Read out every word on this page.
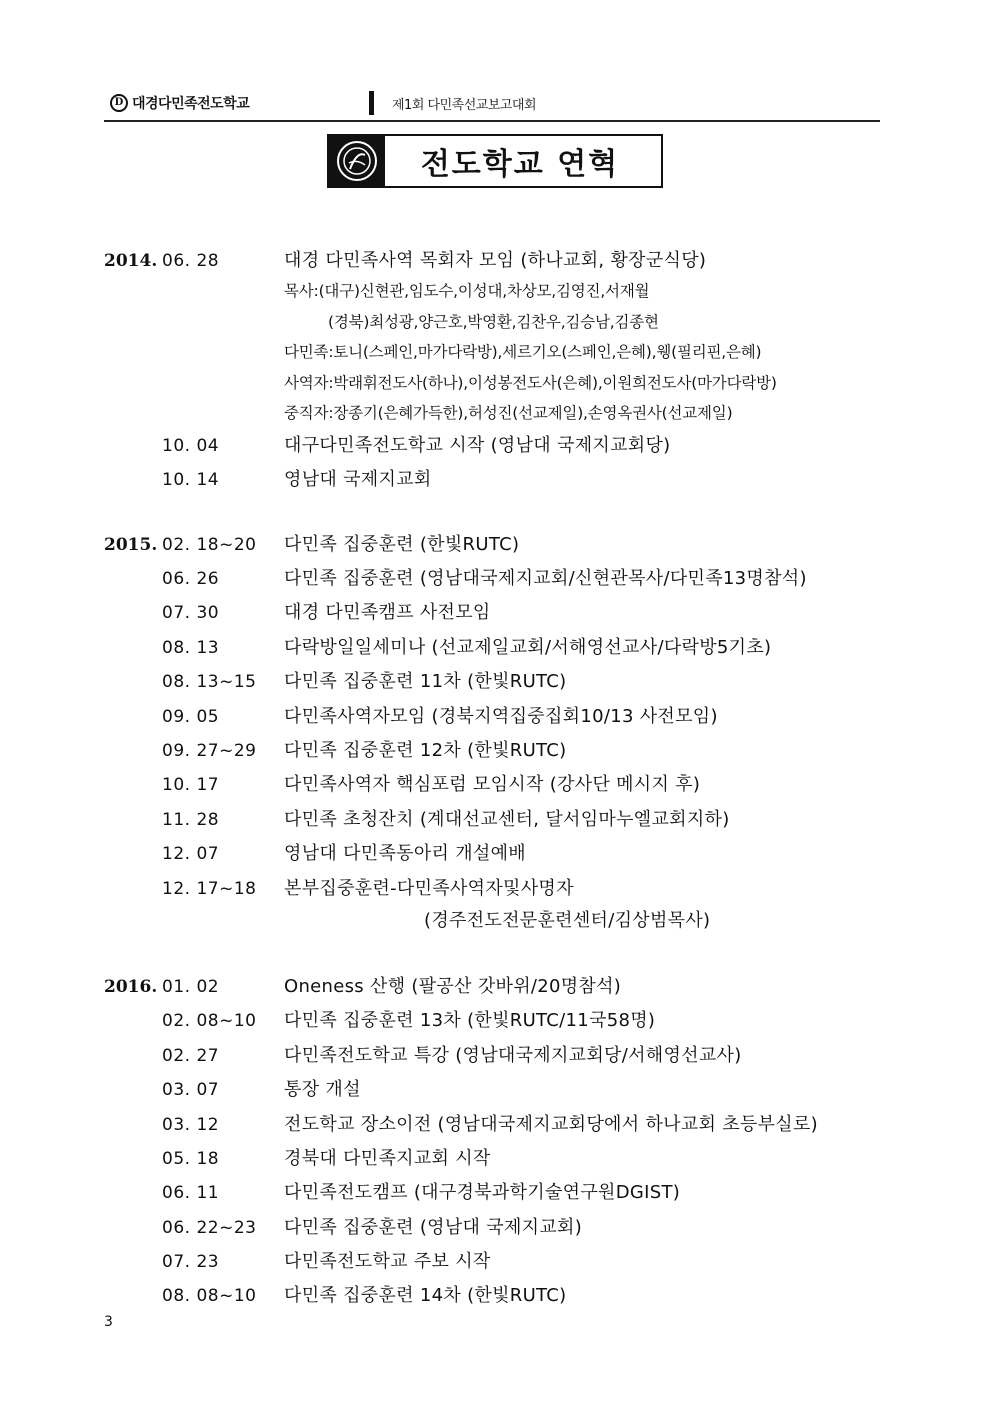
D 대경다민족전도학교	제1회 다민족선교보고대회
전도학교 연혁
2014. 06. 28	대경 다민족사역 목회자 모임 (하나교회, 황장군식당)
목사:(대구)신현관,임도수,이성대,차상모,김영진,서재월
(경북)최성광,양근호,박영환,김찬우,김승남,김종현
다민족:토니(스페인,마가다락방),세르기오(스페인,은혜),웽(필리핀,은혜)
사역자:박래휘전도사(하나),이성봉전도사(은혜),이원희전도사(마가다락방)
중직자:장종기(은혜가득한),허성진(선교제일),손영옥권사(선교제일)
10. 04	대구다민족전도학교 시작 (영남대 국제지교회당)
10. 14	영남대 국제지교회
2015. 02. 18~20	다민족 집중훈련 (한빛RUTC)
06. 26	다민족 집중훈련 (영남대국제지교회/신현관목사/다민족13명참석)
07. 30	대경 다민족캠프 사전모임
08. 13	다락방일일세미나 (선교제일교회/서해영선교사/다락방5기초)
08. 13~15	다민족 집중훈련 11차 (한빛RUTC)
09. 05	다민족사역자모임 (경북지역집중집회10/13 사전모임)
09. 27~29	다민족 집중훈련 12차 (한빛RUTC)
10. 17	다민족사역자 핵심포럼 모임시작 (강사단 메시지 후)
11. 28	다민족 초청잔치 (계대선교센터, 달서임마누엘교회지하)
12. 07	영남대 다민족동아리 개설예배
12. 17~18	본부집중훈련-다민족사역자및사명자
(경주전도전문훈련센터/김상범목사)
2016. 01. 02	Oneness 산행 (팔공산 갓바위/20명참석)
02. 08~10	다민족 집중훈련 13차 (한빛RUTC/11국58명)
02. 27	다민족전도학교 특강 (영남대국제지교회당/서해영선교사)
03. 07	통장 개설
03. 12	전도학교 장소이전 (영남대국제지교회당에서 하나교회 초등부실로)
05. 18	경북대 다민족지교회 시작
06. 11	다민족전도캠프 (대구경북과학기술연구원DGIST)
06. 22~23	다민족 집중훈련 (영남대 국제지교회)
07. 23	다민족전도학교 주보 시작
08. 08~10	다민족 집중훈련 14차 (한빛RUTC)
3
